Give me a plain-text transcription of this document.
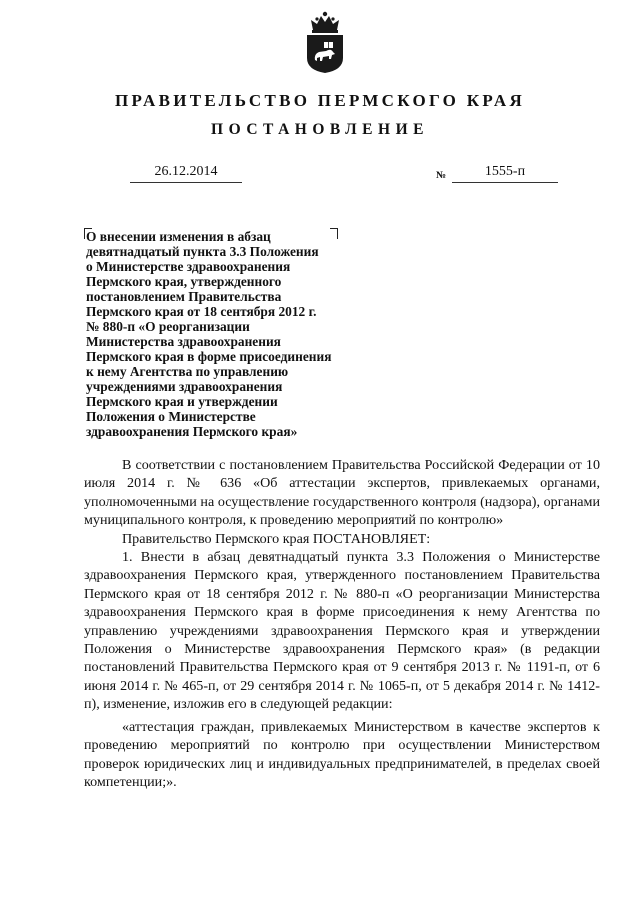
ПРАВИТЕЛЬСТВО ПЕРМСКОГО КРАЯ
ПОСТАНОВЛЕНИЕ
26.12.2014	№	1555-п
О внесении изменения в абзац
девятнадцатый пункта 3.3 Положения
о Министерстве здравоохранения
Пермского края, утвержденного
постановлением Правительства
Пермского края от 18 сентября 2012 г.
№ 880-п «О реорганизации
Министерства здравоохранения
Пермского края в форме присоединения
к нему Агентства по управлению
учреждениями здравоохранения
Пермского края и утверждении
Положения о Министерстве
здравоохранения Пермского края»

В соответствии с постановлением Правительства Российской Федерации от 10 июля 2014 г. № 636 «Об аттестации экспертов, привлекаемых органами, уполномоченными на осуществление государственного контроля (надзора), органами муниципального контроля, к проведению мероприятий по контролю»

Правительство Пермского края ПОСТАНОВЛЯЕТ:

1. Внести в абзац девятнадцатый пункта 3.3 Положения о Министерстве здравоохранения Пермского края, утвержденного постановлением Правительства Пермского края от 18 сентября 2012 г. № 880-п «О реорганизации Министерства здравоохранения Пермского края в форме присоединения к нему Агентства по управлению учреждениями здравоохранения Пермского края и утверждении Положения о Министерстве здравоохранения Пермского края» (в редакции постановлений Правительства Пермского края от 9 сентября 2013 г. № 1191-п, от 6 июня 2014 г. № 465-п, от 29 сентября 2014 г. № 1065-п, от 5 декабря 2014 г. № 1412-п), изменение, изложив его в следующей редакции:

«аттестация граждан, привлекаемых Министерством в качестве экспертов к проведению мероприятий по контролю при осуществлении Министерством проверок юридических лиц и индивидуальных предпринимателей, в пределах своей компетенции;».
